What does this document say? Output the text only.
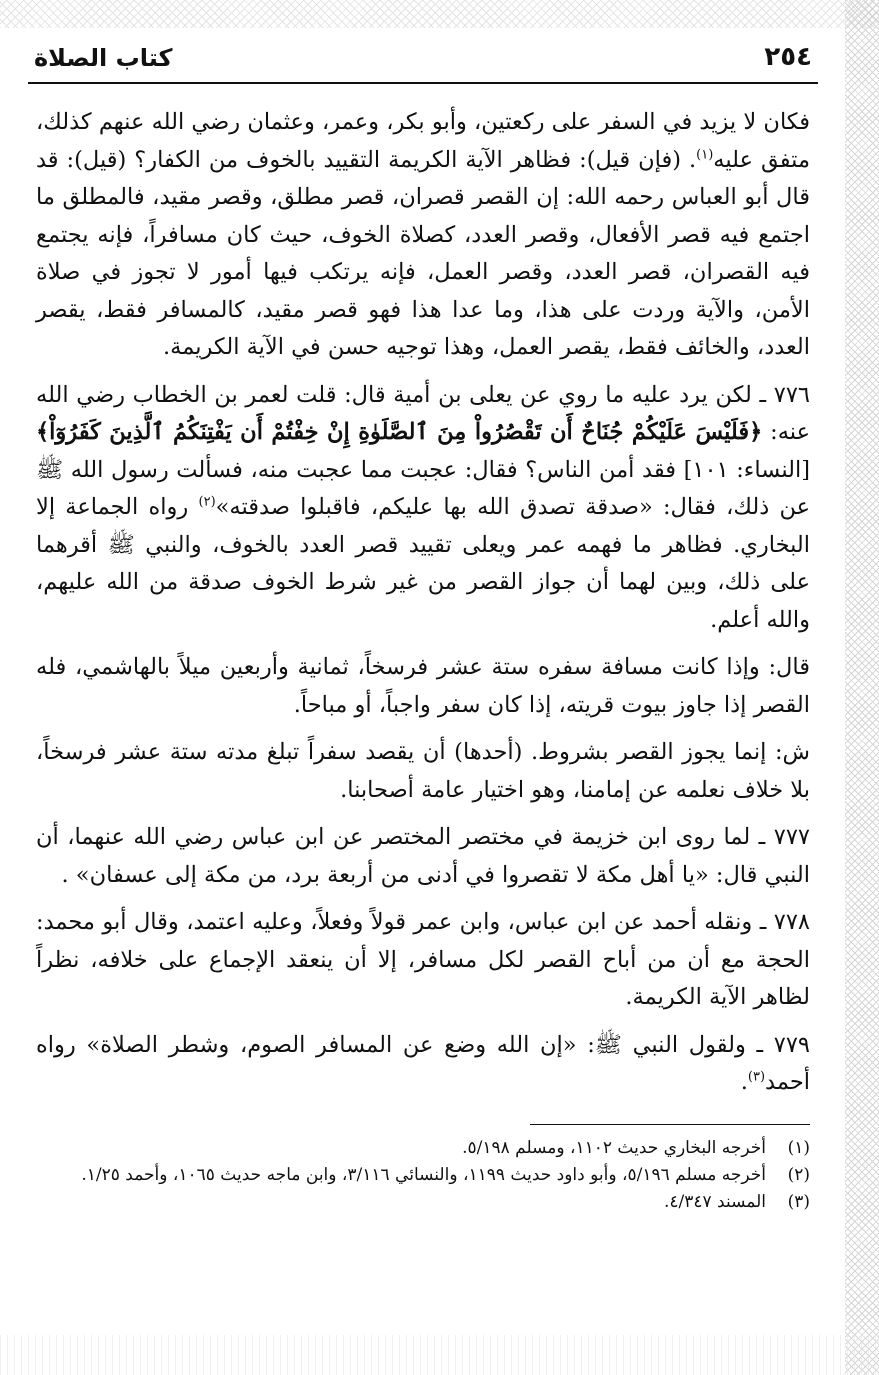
٢٥٤
كتاب الصلاة

فكان لا يزيد في السفر على ركعتين، وأبو بكر، وعمر، وعثمان رضي الله عنهم كذلك، متفق عليه$^{(١)}$. (فإن قيل): فظاهر الآية الكريمة التقييد بالخوف من الكفار؟ (قيل): قد قال أبو العباس رحمه الله: إن القصر قصران، قصر مطلق، وقصر مقيد، فالمطلق ما اجتمع فيه قصر الأفعال، وقصر العدد، كصلاة الخوف، حيث كان مسافراً، فإنه يجتمع فيه القصران، قصر العدد، وقصر العمل، فإنه يرتكب فيها أمور لا تجوز في صلاة الأمن، والآية وردت على هذا، وما عدا هذا فهو قصر مقيد، كالمسافر فقط، يقصر العدد، والخائف فقط، يقصر العمل، وهذا توجيه حسن في الآية الكريمة.

٧٧٦ ـ لكن يرد عليه ما روي عن يعلى بن أمية قال: قلت لعمر بن الخطاب رضي الله عنه: ﴿فَلَيْسَ عَلَيْكُمْ جُنَاحٌ أَن تَقْصُرُواْ مِنَ ٱلصَّلَوٰةِ إِنْ خِفْتُمْ أَن يَفْتِنَكُمُ ٱلَّذِينَ كَفَرُوٓاْ﴾ [النساء: ١٠١] فقد أمن الناس؟ فقال: عجبت مما عجبت منه، فسألت رسول الله ﷺ عن ذلك، فقال: «صدقة تصدق الله بها عليكم، فاقبلوا صدقته»$^{(٢)}$ رواه الجماعة إلا البخاري. فظاهر ما فهمه عمر ويعلى تقييد قصر العدد بالخوف، والنبي ﷺ أقرهما على ذلك، وبين لهما أن جواز القصر من غير شرط الخوف صدقة من الله عليهم، والله أعلم.

قال: وإذا كانت مسافة سفره ستة عشر فرسخاً، ثمانية وأربعين ميلاً بالهاشمي، فله القصر إذا جاوز بيوت قريته، إذا كان سفر واجباً، أو مباحاً.

ش: إنما يجوز القصر بشروط. (أحدها) أن يقصد سفراً تبلغ مدته ستة عشر فرسخاً، بلا خلاف نعلمه عن إمامنا، وهو اختيار عامة أصحابنا.

٧٧٧ ـ لما روى ابن خزيمة في مختصر المختصر عن ابن عباس رضي الله عنهما، أن النبي قال: «يا أهل مكة لا تقصروا في أدنى من أربعة برد، من مكة إلى عسفان» .

٧٧٨ ـ ونقله أحمد عن ابن عباس، وابن عمر قولاً وفعلاً، وعليه اعتمد، وقال أبو محمد: الحجة مع أن من أباح القصر لكل مسافر، إلا أن ينعقد الإجماع على خلافه، نظراً لظاهر الآية الكريمة.

٧٧٩ ـ ولقول النبي ﷺ: «إن الله وضع عن المسافر الصوم، وشطر الصلاة» رواه أحمد$^{(٣)}$.

(١)
أخرجه البخاري حديث ١١٠٢، ومسلم ٥/١٩٨.
(٢)
أخرجه مسلم ٥/١٩٦، وأبو داود حديث ١١٩٩، والنسائي ٣/١١٦، وابن ماجه حديث ١٠٦٥، وأحمد ١/٢٥.
(٣)
المسند ٤/٣٤٧.
